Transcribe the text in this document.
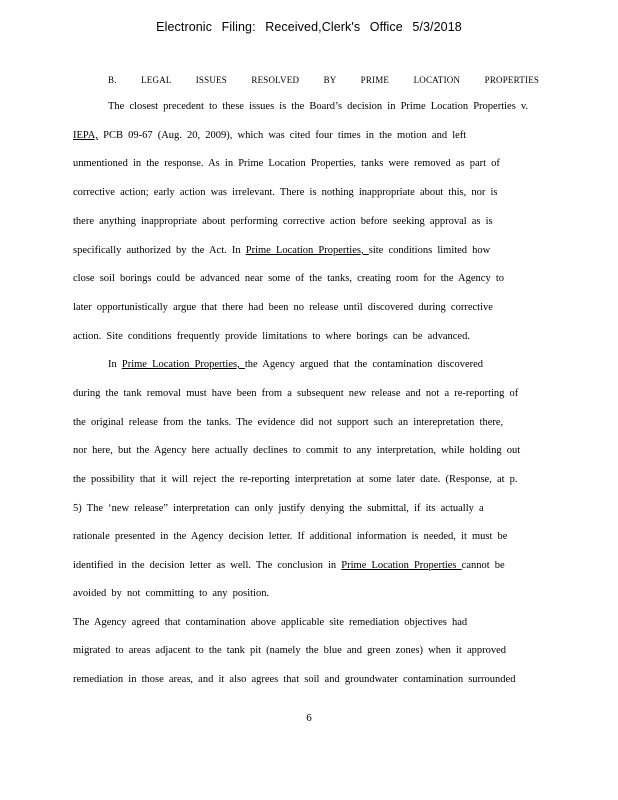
Electronic Filing: Received,Clerk's Office 5/3/2018
B.	LEGAL ISSUES RESOLVED BY PRIME LOCATION PROPERTIES
The closest precedent to these issues is the Board’s decision in Prime Location Properties v.
IEPA, PCB 09-67 (Aug. 20, 2009), which was cited four times in the motion and left
unmentioned in the response. As in Prime Location Properties, tanks were removed as part of
corrective action; early action was irrelevant. There is nothing inappropriate about this, nor is
there anything inappropriate about performing corrective action before seeking approval as is
specifically authorized by the Act. In Prime Location Properties, site conditions limited how
close soil borings could be advanced near some of the tanks, creating room for the Agency to
later opportunistically argue that there had been no release until discovered during corrective
action. Site conditions frequently provide limitations to where borings can be advanced.
In Prime Location Properties, the Agency argued that the contamination discovered
during the tank removal must have been from a subsequent new release and not a re-reporting of
the original release from the tanks. The evidence did not support such an interepretation there,
nor here, but the Agency here actually declines to commit to any interpretation, while holding out
the possibility that it will reject the re-reporting interpretation at some later date. (Response, at p.
5) The ‘new release” interpretation can only justify denying the submittal, if its actually a
rationale presented in the Agency decision letter. If additional information is needed, it must be
identified in the decision letter as well. The conclusion in Prime Location Properties cannot be
avoided by not committing to any position.
The Agency agreed that contamination above applicable site remediation objectives had
migrated to areas adjacent to the tank pit (namely the blue and green zones) when it approved
remediation in those areas, and it also agrees that soil and groundwater contamination surrounded
6
